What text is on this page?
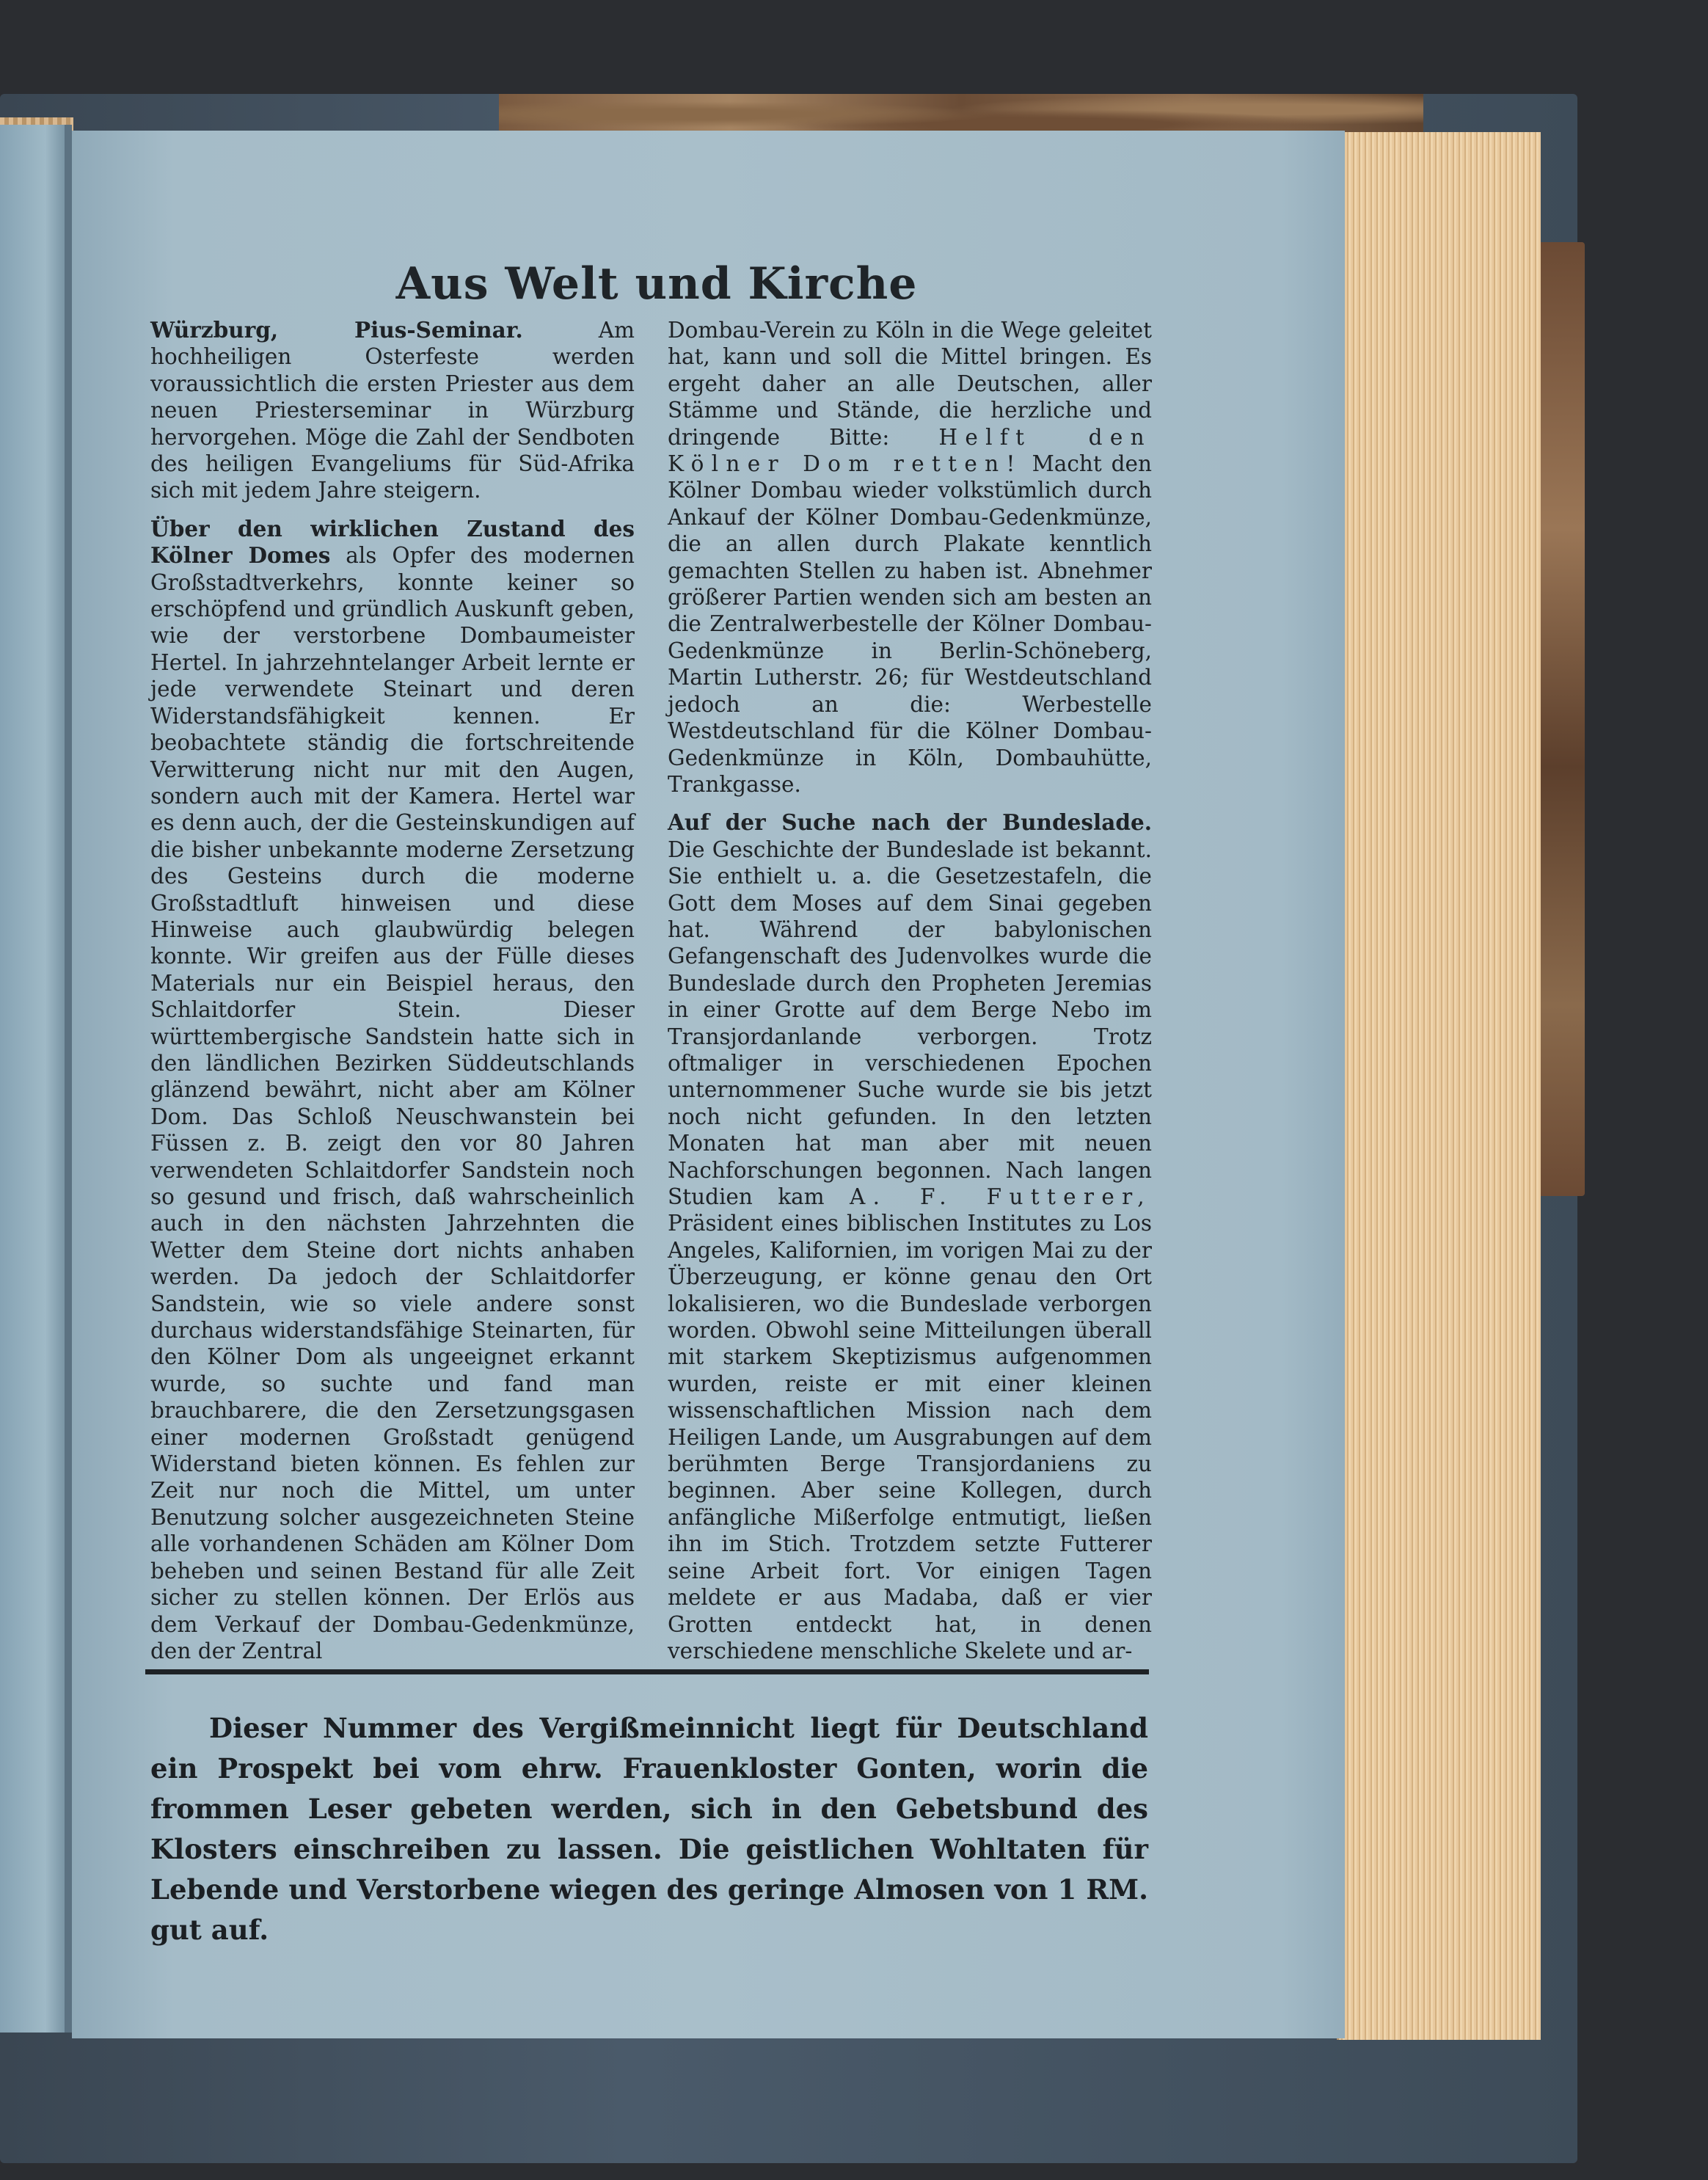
Aus Welt und Kirche

Würzburg, Pius-Seminar.	Am hochheiligen Osterfeste werden voraussichtlich die ersten Priester aus dem neuen Priesterseminar in Würzburg hervorgehen. Möge die Zahl der Sendboten des heiligen Evangeliums für Süd-Afrika sich mit jedem Jahre steigern.

Über den wirklichen Zustand des Kölner Domes als Opfer des modernen Großstadtverkehrs, konnte keiner so erschöpfend und gründlich Auskunft geben, wie der verstorbene Dombaumeister Hertel. In jahrzehntelanger Arbeit lernte er jede verwendete Steinart und deren Widerstandsfähigkeit kennen. Er beobachtete ständig die fortschreitende Verwitterung nicht nur mit den Augen, sondern auch mit der Kamera. Hertel war es denn auch, der die Gesteinskundigen auf die bisher unbekannte moderne Zersetzung des Gesteins durch die moderne Großstadtluft hinweisen und diese Hinweise auch glaubwürdig belegen konnte. Wir greifen aus der Fülle dieses Materials nur ein Beispiel heraus, den Schlaitdorfer Stein. Dieser württembergische Sandstein hatte sich in den ländlichen Bezirken Süddeutschlands glänzend bewährt, nicht aber am Kölner Dom. Das Schloß Neuschwanstein bei Füssen z. B. zeigt den vor 80 Jahren verwendeten Schlaitdorfer Sandstein noch so gesund und frisch, daß wahrscheinlich auch in den nächsten Jahrzehnten die Wetter dem Steine dort nichts anhaben werden. Da jedoch der Schlaitdorfer Sandstein, wie so viele andere sonst durchaus widerstandsfähige Steinarten, für den Kölner Dom als ungeeignet erkannt wurde, so suchte und fand man brauchbarere, die den Zersetzungsgasen einer modernen Großstadt genügend Widerstand bieten können. Es fehlen zur Zeit nur noch die Mittel, um unter Benutzung solcher ausgezeichneten Steine alle vorhandenen Schäden am Kölner Dom beheben und seinen Bestand für alle Zeit sicher zu stellen können. Der Erlös aus dem Verkauf der Dombau-Gedenkmünze, den der Zentral

Dombau-Verein zu Köln in die Wege geleitet hat, kann und soll die Mittel bringen. Es ergeht daher an alle Deutschen, aller Stämme und Stände, die herzliche und dringende Bitte: Helft den Kölner Dom retten! Macht den Kölner Dombau wieder volkstümlich durch Ankauf der Kölner Dombau-Gedenkmünze, die an allen durch Plakate kenntlich gemachten Stellen zu haben ist. Abnehmer größerer Partien wenden sich am besten an die Zentralwerbestelle der Kölner Dombau-Gedenkmünze in Berlin-Schöneberg, Martin Lutherstr. 26; für Westdeutschland jedoch an die: Werbestelle Westdeutschland für die Kölner Dombau-Gedenkmünze in Köln, Dombauhütte, Trankgasse.

Auf der Suche nach der Bundeslade. Die Geschichte der Bundeslade ist bekannt. Sie enthielt u. a. die Gesetzestafeln, die Gott dem Moses auf dem Sinai gegeben hat. Während der babylonischen Gefangenschaft des Judenvolkes wurde die Bundeslade durch den Propheten Jeremias in einer Grotte auf dem Berge Nebo im Transjordanlande verborgen. Trotz oftmaliger in verschiedenen Epochen unternommener Suche wurde sie bis jetzt noch nicht gefunden. In den letzten Monaten hat man aber mit neuen Nachforschungen begonnen. Nach langen Studien kam A. F. Futterer, Präsident eines biblischen Institutes zu Los Angeles, Kalifornien, im vorigen Mai zu der Überzeugung, er könne genau den Ort lokalisieren, wo die Bundeslade verborgen worden. Obwohl seine Mitteilungen überall mit starkem Skeptizismus aufgenommen wurden, reiste er mit einer kleinen wissenschaftlichen Mission nach dem Heiligen Lande, um Ausgrabungen auf dem berühmten Berge Transjordaniens zu beginnen. Aber seine Kollegen, durch anfängliche Mißerfolge entmutigt, ließen ihn im Stich. Trotzdem setzte Futterer seine Arbeit fort. Vor einigen Tagen meldete er aus Madaba, daß er vier Grotten entdeckt hat, in denen verschiedene menschliche Skelete und ar-

Dieser Nummer des Vergißmeinnicht liegt für Deutschland ein Prospekt bei vom ehrw. Frauenkloster Gonten, worin die frommen Leser gebeten werden, sich in den Gebetsbund des Klosters einschreiben zu lassen. Die geistlichen Wohltaten für Lebende und Verstorbene wiegen des geringe Almosen von 1 RM. gut auf.
